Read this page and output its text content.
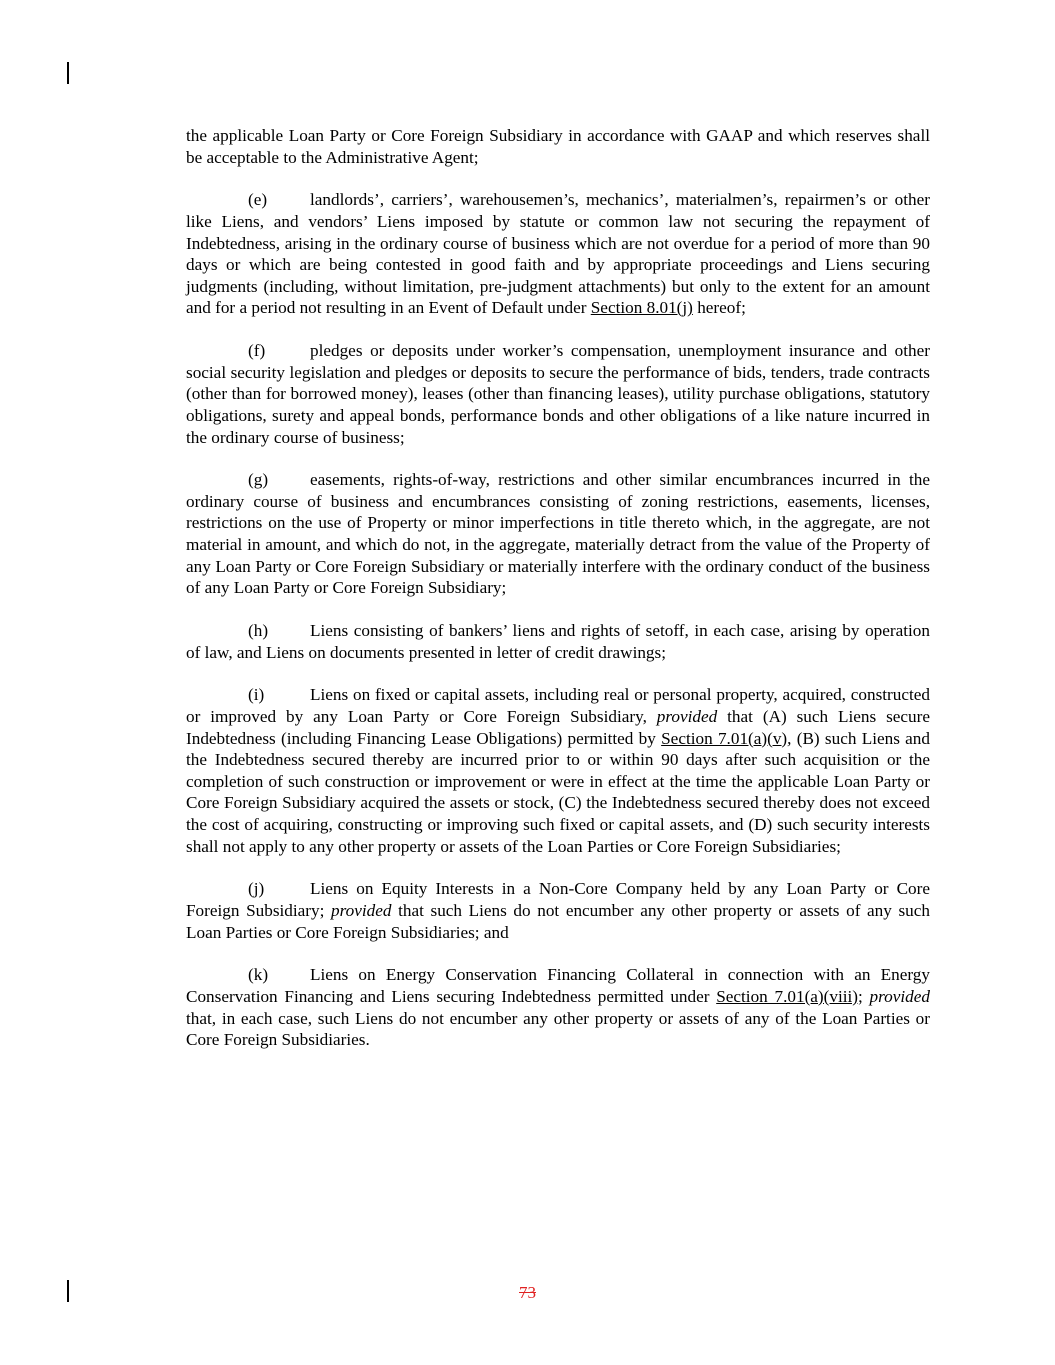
the applicable Loan Party or Core Foreign Subsidiary in accordance with GAAP and which reserves shall be acceptable to the Administrative Agent;

(e) landlords’, carriers’, warehousemen’s, mechanics’, materialmen’s, repairmen’s or other like Liens, and vendors’ Liens imposed by statute or common law not securing the repayment of Indebtedness, arising in the ordinary course of business which are not overdue for a period of more than 90 days or which are being contested in good faith and by appropriate proceedings and Liens securing judgments (including, without limitation, pre-judgment attachments) but only to the extent for an amount and for a period not resulting in an Event of Default under Section 8.01(j) hereof;

(f)	pledges or deposits under worker’s compensation, unemployment insurance and other social security legislation and pledges or deposits to secure the performance of bids, tenders, trade contracts (other than for borrowed money), leases (other than financing leases), utility purchase obligations, statutory obligations, surety and appeal bonds, performance bonds and other obligations of a like nature incurred in the ordinary course of business;

(g) easements, rights-of-way, restrictions and other similar encumbrances incurred in the ordinary course of business and encumbrances consisting of zoning restrictions, easements, licenses, restrictions on the use of Property or minor imperfections in title thereto which, in the aggregate, are not material in amount, and which do not, in the aggregate, materially detract from the value of the Property of any Loan Party or Core Foreign Subsidiary or materially interfere with the ordinary conduct of the business of any Loan Party or Core Foreign Subsidiary;

(h) Liens consisting of bankers’ liens and rights of setoff, in each case, arising by operation of law, and Liens on documents presented in letter of credit drawings;

(i)	Liens on fixed or capital assets, including real or personal property, acquired, constructed or improved by any Loan Party or Core Foreign Subsidiary, provided that (A) such Liens secure Indebtedness (including Financing Lease Obligations) permitted by Section 7.01(a)(v), (B) such Liens and the Indebtedness secured thereby are incurred prior to or within 90 days after such acquisition or the completion of such construction or improvement or were in effect at the time the applicable Loan Party or Core Foreign Subsidiary acquired the assets or stock, (C) the Indebtedness secured thereby does not exceed the cost of acquiring, constructing or improving such fixed or capital assets, and (D) such security interests shall not apply to any other property or assets of the Loan Parties or Core Foreign Subsidiaries;

(j)	Liens on Equity Interests in a Non-Core Company held by any Loan Party or Core Foreign Subsidiary; provided that such Liens do not encumber any other property or assets of any such Loan Parties or Core Foreign Subsidiaries; and

(k) Liens on Energy Conservation Financing Collateral in connection with an Energy Conservation Financing and Liens securing Indebtedness permitted under Section 7.01(a)(viii); provided that, in each case, such Liens do not encumber any other property or assets of any of the Loan Parties or Core Foreign Subsidiaries.

73
